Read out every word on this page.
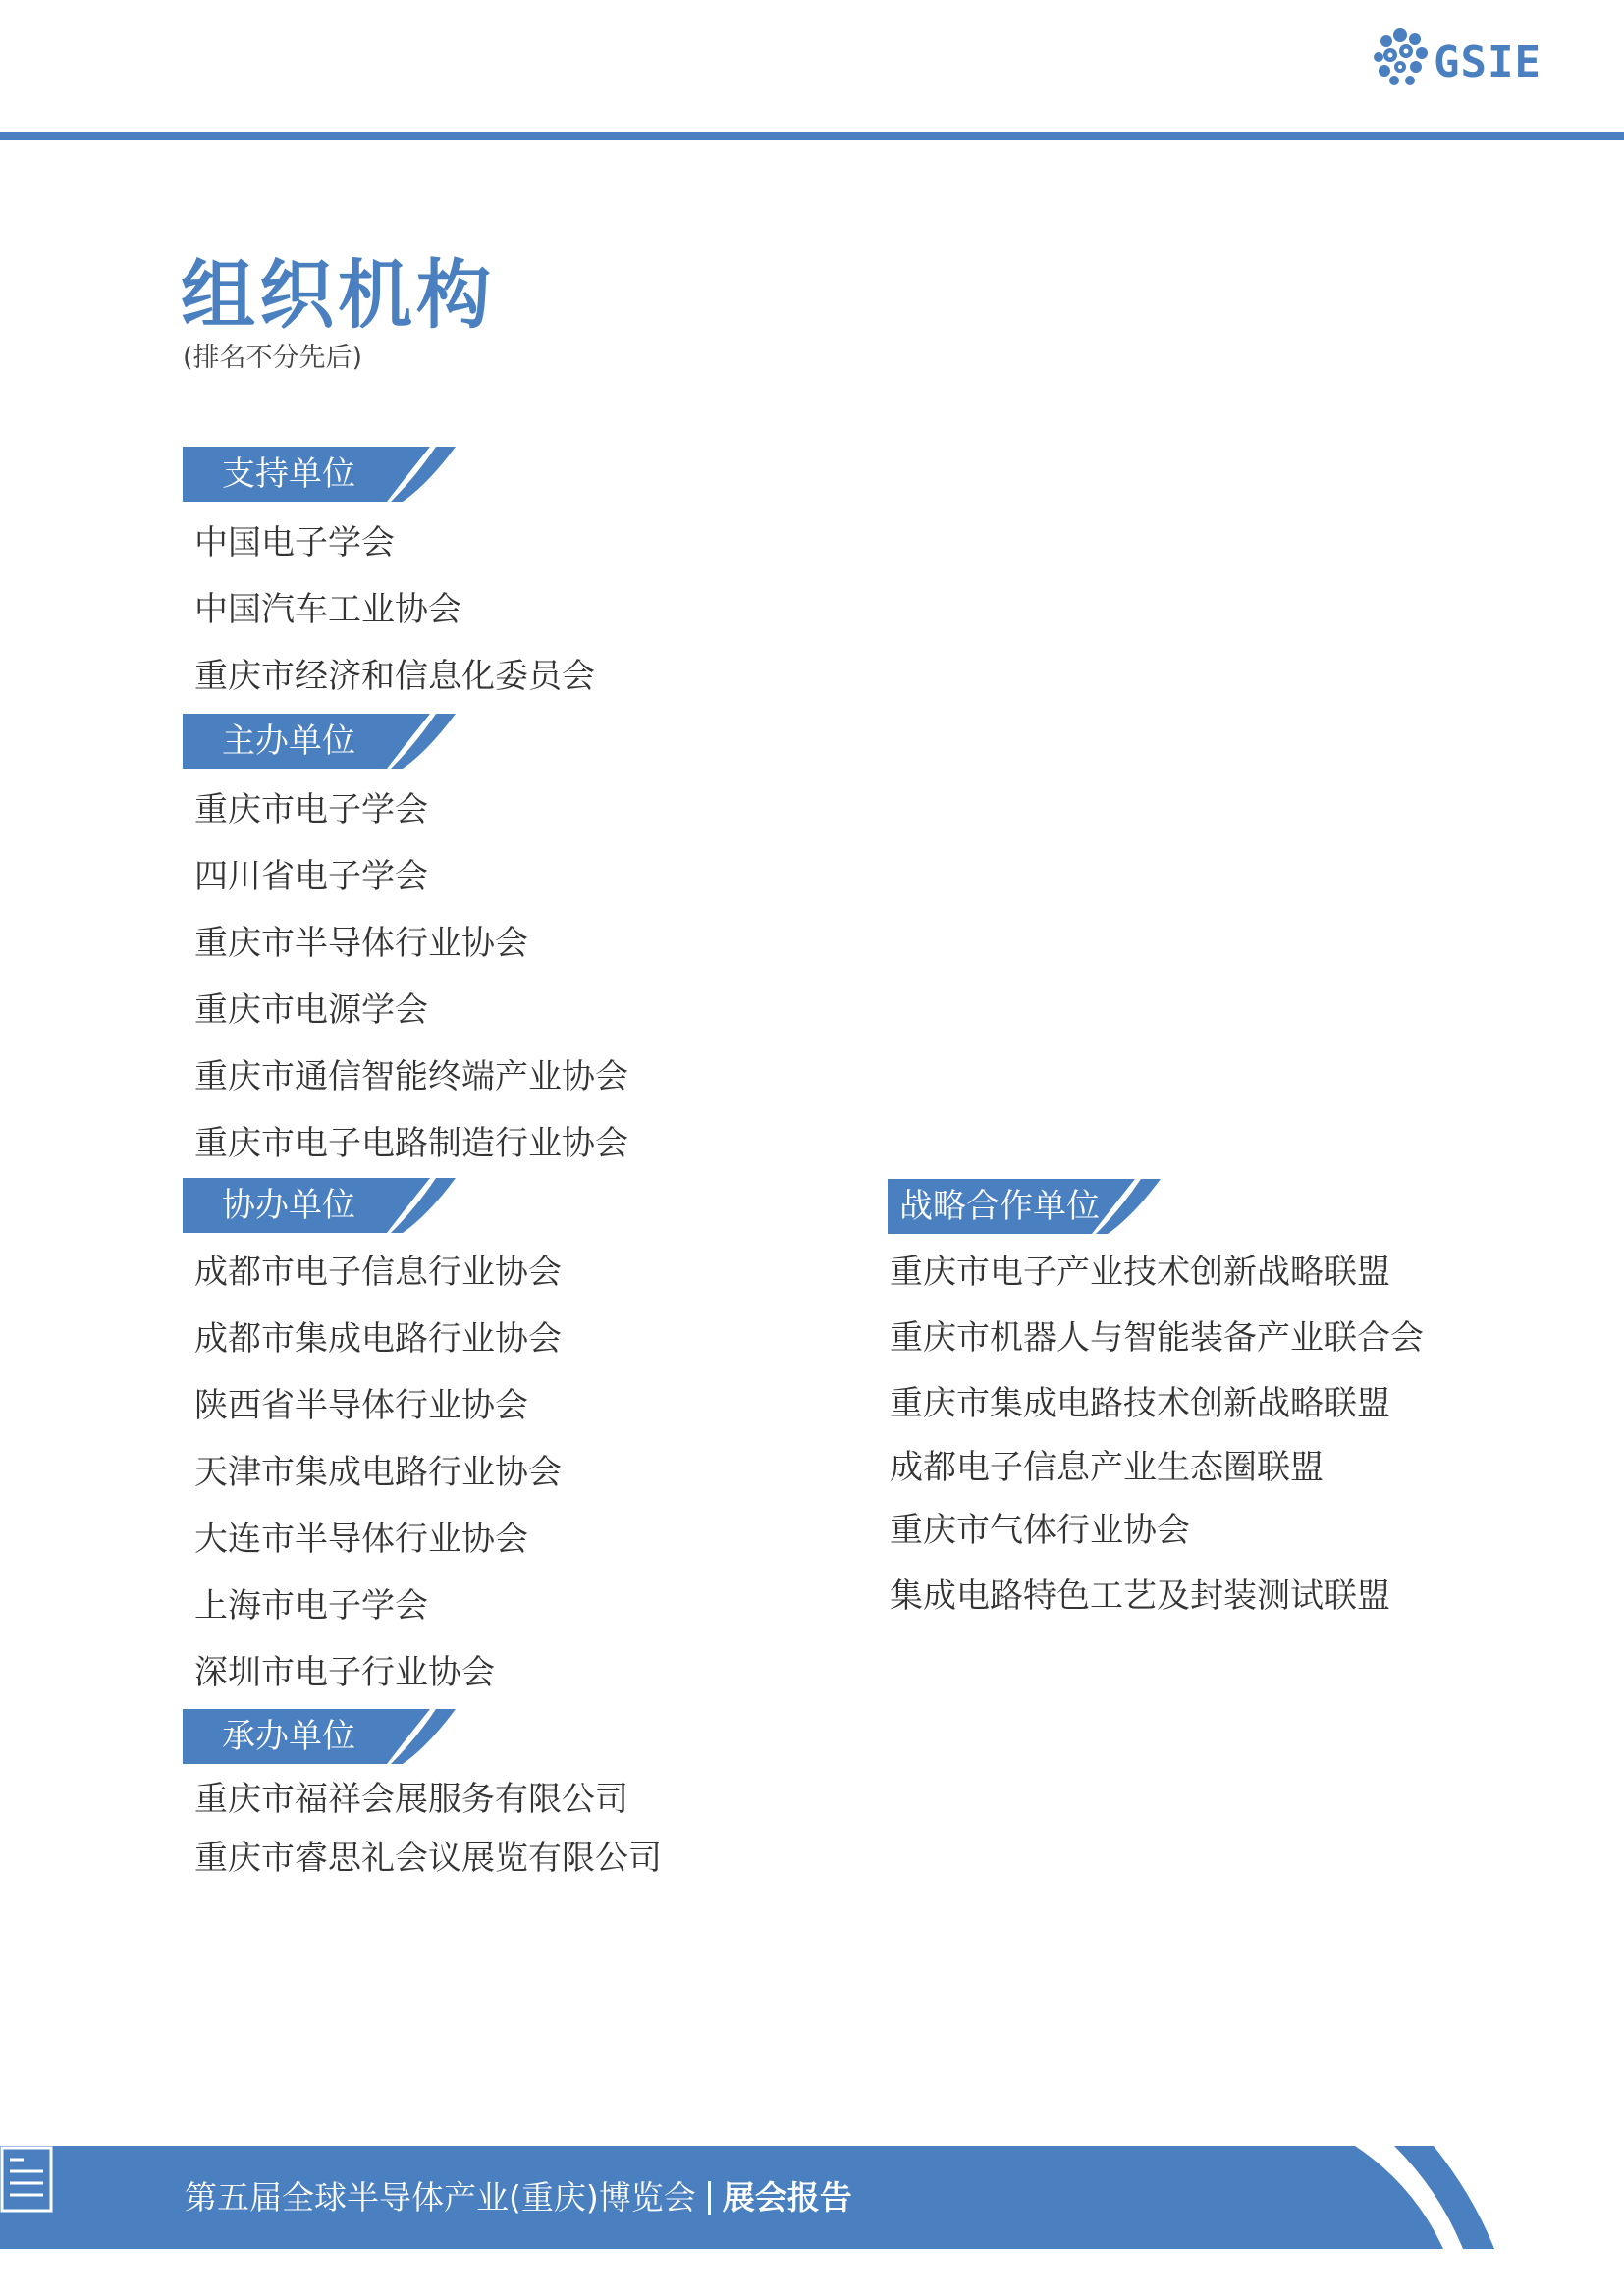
GSIE
组织机构
(排名不分先后)
支持单位
中国电子学会
中国汽车工业协会
重庆市经济和信息化委员会
主办单位
重庆市电子学会
四川省电子学会
重庆市半导体行业协会
重庆市电源学会
重庆市通信智能终端产业协会
重庆市电子电路制造行业协会
协办单位
成都市电子信息行业协会
成都市集成电路行业协会
陕西省半导体行业协会
天津市集成电路行业协会
大连市半导体行业协会
上海市电子学会
深圳市电子行业协会
承办单位
重庆市福祥会展服务有限公司
重庆市睿思礼会议展览有限公司
战略合作单位
重庆市电子产业技术创新战略联盟
重庆市机器人与智能装备产业联合会
重庆市集成电路技术创新战略联盟
成都电子信息产业生态圈联盟
重庆市气体行业协会
集成电路特色工艺及封装测试联盟
第五届全球半导体产业(重庆)博览会 展会报告
